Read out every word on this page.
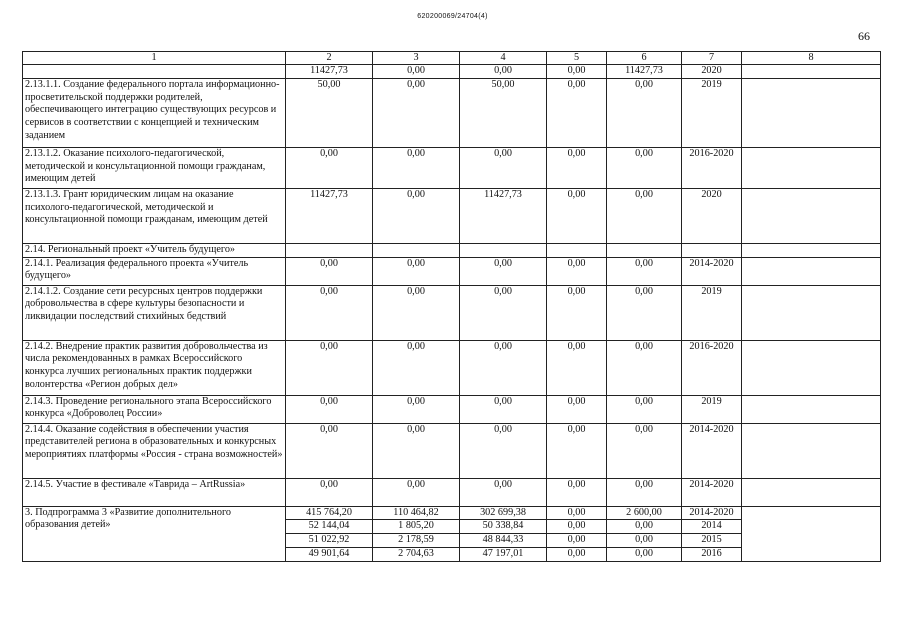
620200069/24704(4)
66
1	2	3	4	5	6	7	8
	11427,73	0,00	0,00	0,00	11427,73	2020	
2.13.1.1. Создание федерального портала информационно-просветительской поддержки родителей, обеспечивающего интеграцию существующих ресурсов и сервисов в соответствии с концепцией и техническим заданием	50,00	0,00	50,00	0,00	0,00	2019	
2.13.1.2. Оказание психолого-педагогической, методической и консультационной помощи гражданам, имеющим детей	0,00	0,00	0,00	0,00	0,00	2016-2020	
2.13.1.3. Грант юридическим лицам на оказание психолого-педагогической, методической и консультационной помощи гражданам, имеющим детей	11427,73	0,00	11427,73	0,00	0,00	2020	
2.14. Региональный проект «Учитель будущего»							
2.14.1. Реализация федерального проекта «Учитель будущего»	0,00	0,00	0,00	0,00	0,00	2014-2020	
2.14.1.2. Создание сети ресурсных центров поддержки добровольчества в сфере культуры безопасности и ликвидации последствий стихийных бедствий	0,00	0,00	0,00	0,00	0,00	2019	
2.14.2. Внедрение практик развития добровольчества из числа рекомендованных в рамках Всероссийского конкурса лучших региональных практик поддержки волонтерства «Регион добрых дел»	0,00	0,00	0,00	0,00	0,00	2016-2020	
2.14.3. Проведение регионального этапа Всероссийского конкурса «Доброволец России»	0,00	0,00	0,00	0,00	0,00	2019	
2.14.4. Оказание содействия в обеспечении участия представителей региона в образовательных и конкурсных мероприятиях платформы «Россия - страна возможностей»	0,00	0,00	0,00	0,00	0,00	2014-2020	
2.14.5. Участие в фестивале «Таврида – ArtRussia»	0,00	0,00	0,00	0,00	0,00	2014-2020	
3. Подпрограмма 3 «Развитие дополнительного образования детей»	415 764,20	110 464,82	302 699,38	0,00	2 600,00	2014-2020	
	52 144,04	1 805,20	50 338,84	0,00	0,00	2014	
	51 022,92	2 178,59	48 844,33	0,00	0,00	2015	
	49 901,64	2 704,63	47 197,01	0,00	0,00	2016	
